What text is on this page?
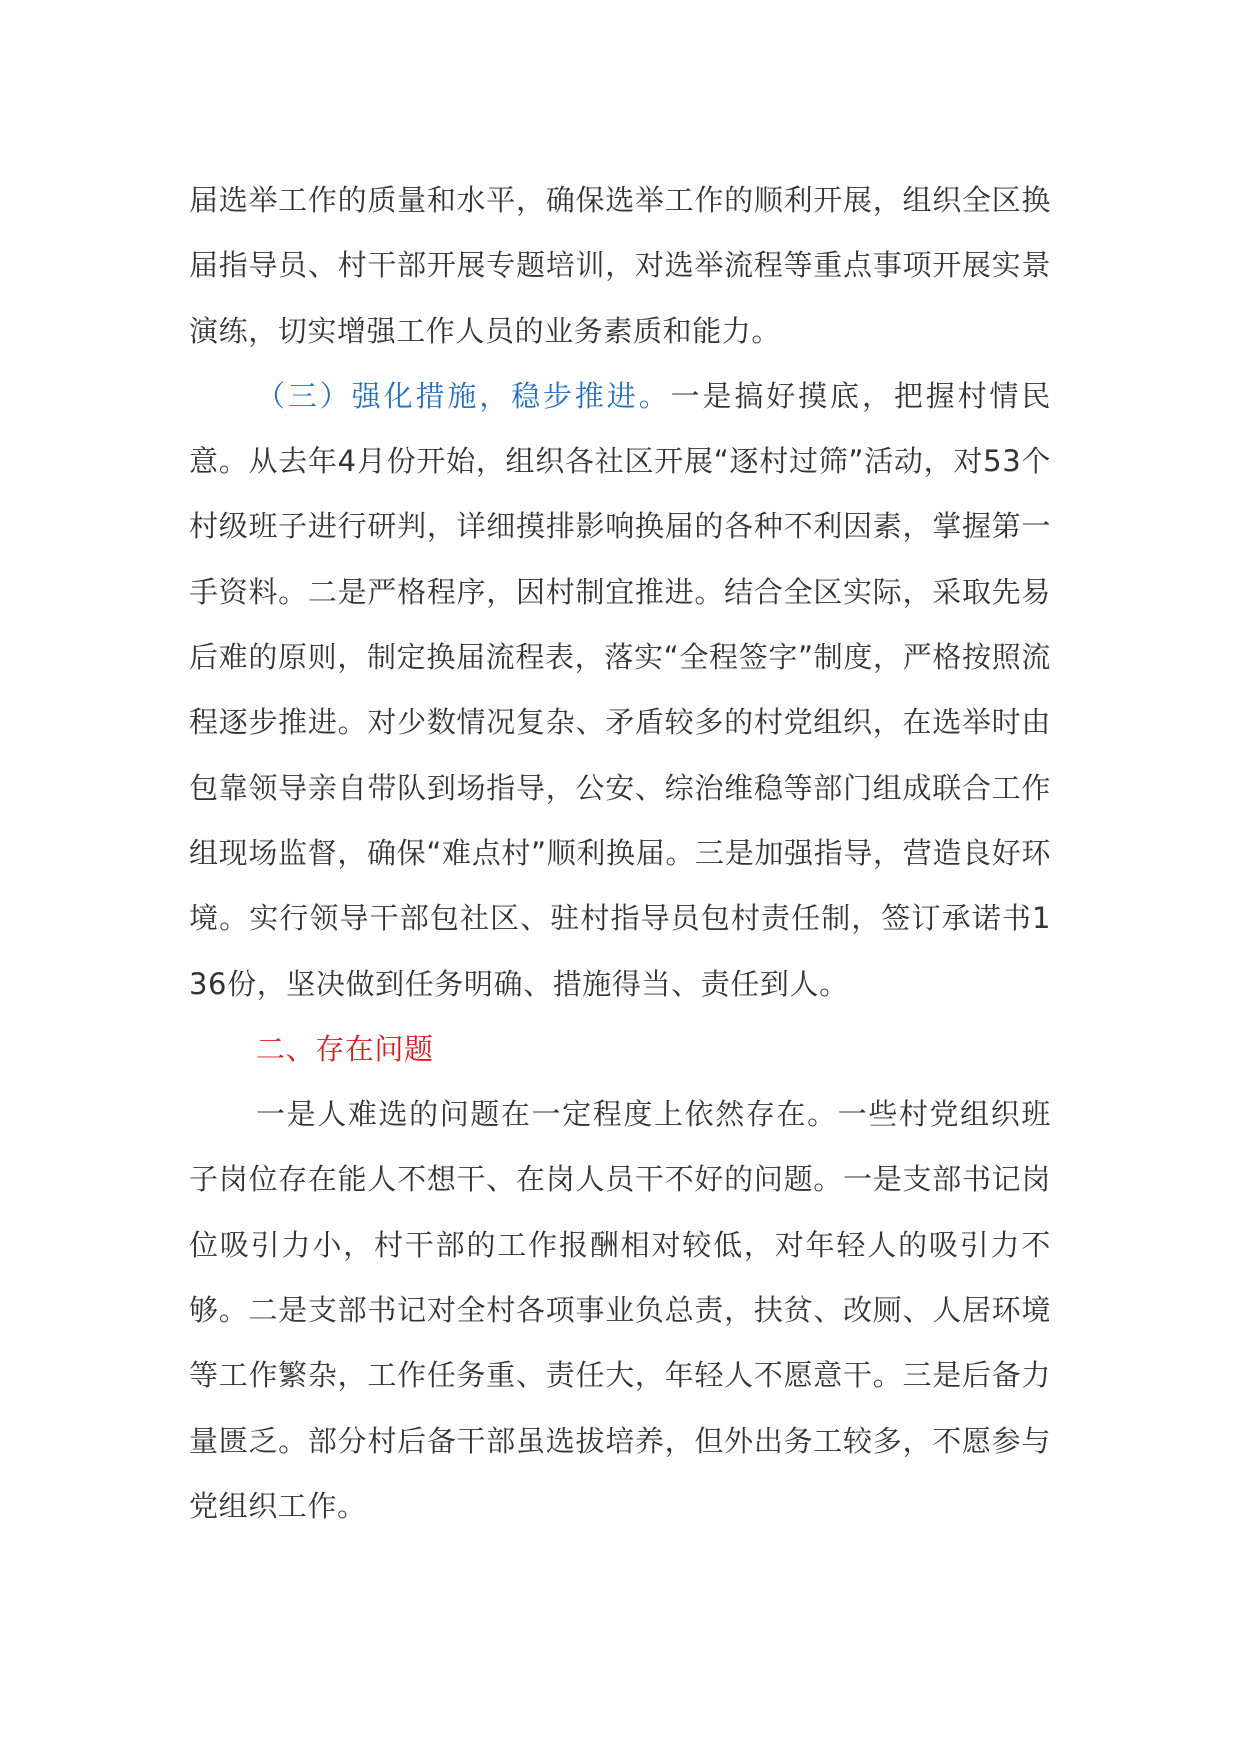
届选举工作的质量和水平，确保选举工作的顺利开展，组织全区换届指导员、村干部开展专题培训，对选举流程等重点事项开展实景演练，切实增强工作人员的业务素质和能力。

（三）强化措施，稳步推进。一是搞好摸底，把握村情民意。从去年4月份开始，组织各社区开展“逐村过筛”活动，对53个村级班子进行研判，详细摸排影响换届的各种不利因素，掌握第一手资料。二是严格程序，因村制宜推进。结合全区实际，采取先易后难的原则，制定换届流程表，落实“全程签字”制度，严格按照流程逐步推进。对少数情况复杂、矛盾较多的村党组织，在选举时由包靠领导亲自带队到场指导，公安、综治维稳等部门组成联合工作组现场监督，确保“难点村”顺利换届。三是加强指导，营造良好环境。实行领导干部包社区、驻村指导员包村责任制，签订承诺书136份，坚决做到任务明确、措施得当、责任到人。

二、存在问题

一是人难选的问题在一定程度上依然存在。一些村党组织班子岗位存在能人不想干、在岗人员干不好的问题。一是支部书记岗位吸引力小，村干部的工作报酬相对较低，对年轻人的吸引力不够。二是支部书记对全村各项事业负总责，扶贫、改厕、人居环境等工作繁杂，工作任务重、责任大，年轻人不愿意干。三是后备力量匮乏。部分村后备干部虽选拔培养，但外出务工较多，不愿参与党组织工作。
